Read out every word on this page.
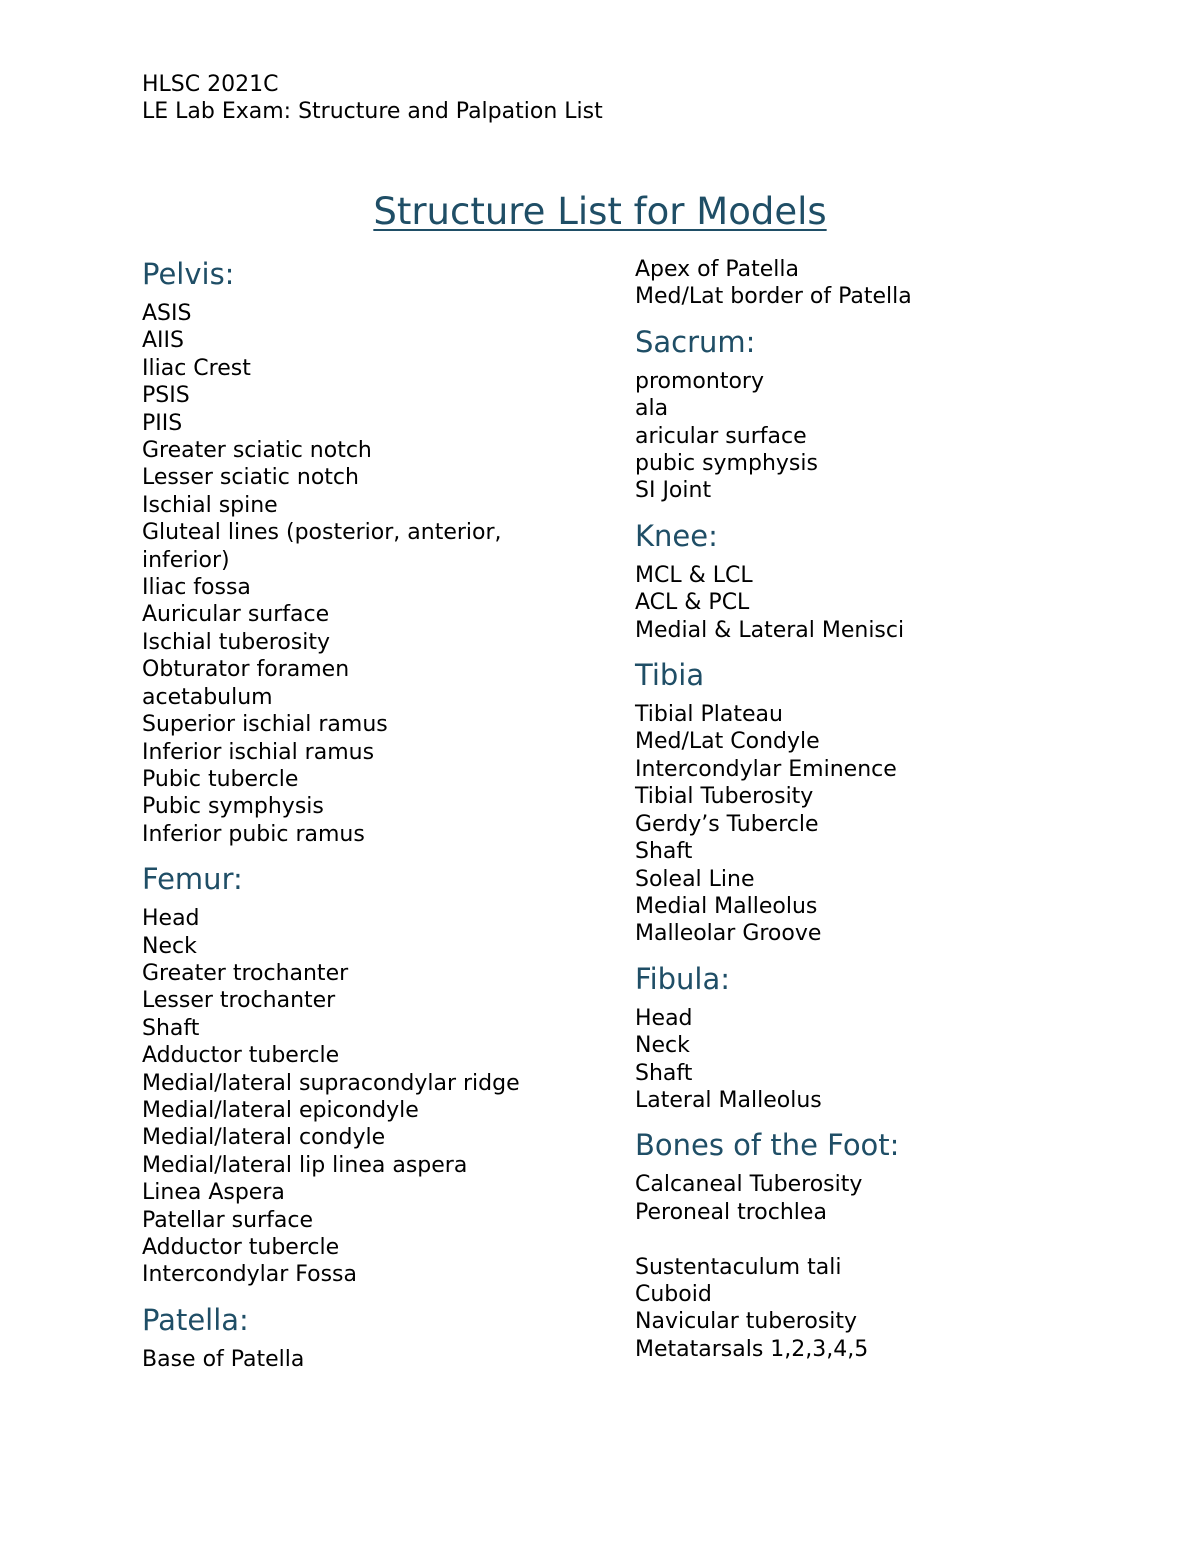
HLSC 2021C
LE Lab Exam: Structure and Palpation List
Structure List for Models
Pelvis:
ASIS
AIIS
Iliac Crest
PSIS
PIIS
Greater sciatic notch
Lesser sciatic notch
Ischial spine
Gluteal lines (posterior, anterior,
inferior)
Iliac fossa
Auricular surface
Ischial tuberosity
Obturator foramen
acetabulum
Superior ischial ramus
Inferior ischial ramus
Pubic tubercle
Pubic symphysis
Inferior pubic ramus
Femur:
Head
Neck
Greater trochanter
Lesser trochanter
Shaft
Adductor tubercle
Medial/lateral supracondylar ridge
Medial/lateral epicondyle
Medial/lateral condyle
Medial/lateral lip linea aspera
Linea Aspera
Patellar surface
Adductor tubercle
Intercondylar Fossa
Patella:
Base of Patella
Apex of Patella
Med/Lat border of Patella
Sacrum:
promontory
ala
aricular surface
pubic symphysis
SI Joint
Knee:
MCL & LCL
ACL & PCL
Medial & Lateral Menisci
Tibia
Tibial Plateau
Med/Lat Condyle
Intercondylar Eminence
Tibial Tuberosity
Gerdy’s Tubercle
Shaft
Soleal Line
Medial Malleolus
Malleolar Groove
Fibula:
Head
Neck
Shaft
Lateral Malleolus
Bones of the Foot:
Calcaneal Tuberosity
Peroneal trochlea
Sustentaculum tali
Cuboid
Navicular tuberosity
Metatarsals 1,2,3,4,5
